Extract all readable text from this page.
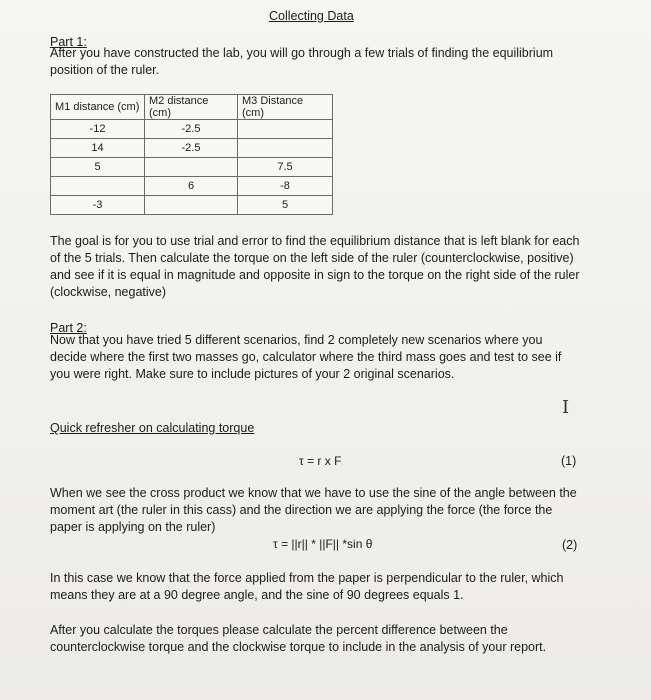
Collecting Data
Part 1:
After you have constructed the lab, you will go through a few trials of finding the equilibrium
position of the ruler.
M1 distance (cm)	M2 distance (cm)	M3 Distance (cm)
-12	-2.5	
14	-2.5	
5		7.5
	6	-8
-3		5
The goal is for you to use trial and error to find the equilibrium distance that is left blank for each
of the 5 trials. Then calculate the torque on the left side of the ruler (counterclockwise, positive)
and see if it is equal in magnitude and opposite in sign to the torque on the right side of the ruler
(clockwise, negative)
Part 2:
Now that you have tried 5 different scenarios, find 2 completely new scenarios where you
decide where the first two masses go, calculator where the third mass goes and test to see if
you were right. Make sure to include pictures of your 2 original scenarios.
I
Quick refresher on calculating torque
τ = r x F	(1)
When we see the cross product we know that we have to use the sine of the angle between the
moment art (the ruler in this cass) and the direction we are applying the force (the force the
paper is applying on the ruler)
τ = ||r|| * ||F|| *sin θ	(2)
In this case we know that the force applied from the paper is perpendicular to the ruler, which
means they are at a 90 degree angle, and the sine of 90 degrees equals 1.
After you calculate the torques please calculate the percent difference between the
counterclockwise torque and the clockwise torque to include in the analysis of your report.
